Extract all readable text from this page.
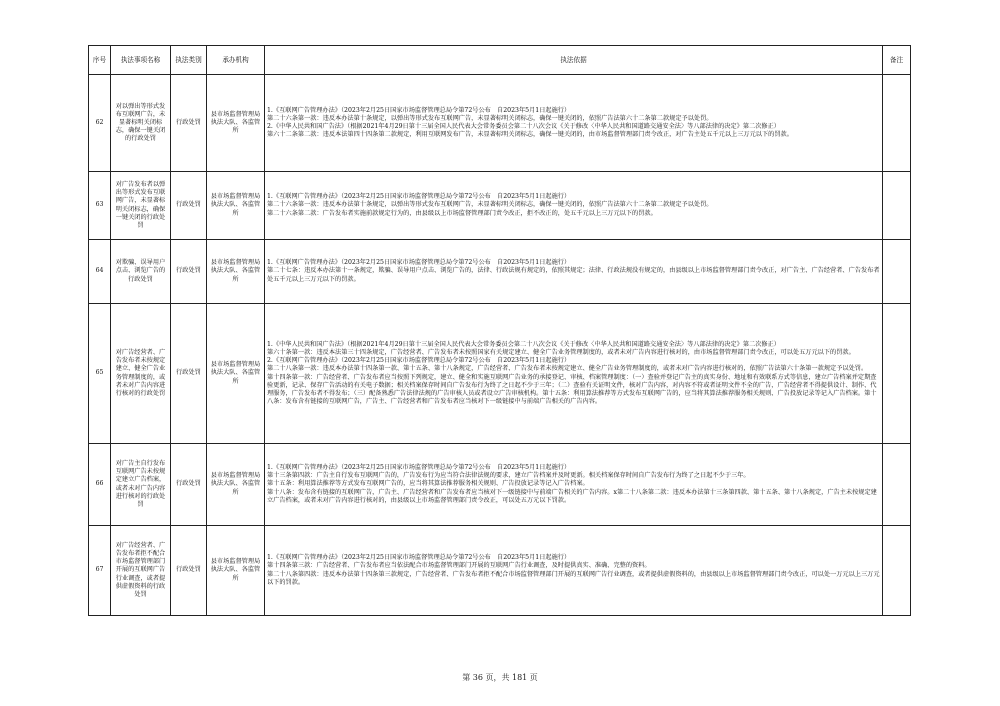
序号	执法事项名称	执法类别	承办机构	执法依据	备注
62	对以弹出等形式发布互联网广告，未显著标明关闭标志，确保一键关闭的行政处罚	行政处罚	县市场监督管理局执法大队、各监管所	1.《互联网广告管理办法》（2023年2月25日国家市场监督管理总局令第72号公布　自2023年5月1日起施行）

第二十六条第一款：违反本办法第十条规定，以弹出等形式发布互联网广告，未显著标明关闭标志，确保一键关闭的，依照广告法第六十二条第二款规定予以处罚。

2.《中华人民共和国广告法》（根据2021年4月29日第十三届全国人民代表大会常务委员会第二十八次会议《关于修改〈中华人民共和国道路交通安全法〉等八部法律的决定》第二次修正）

第六十二条第二款：违反本法第四十四条第二款规定，利用互联网发布广告，未显著标明关闭标志，确保一键关闭的，由市场监督管理部门责令改正，对广告主处五千元以上三万元以下的罚款。	

63	对广告发布者以弹出等形式发布互联网广告，未显著标明关闭标志，确保一键关闭的行政处罚	行政处罚	县市场监督管理局执法大队、各监管所	1.《互联网广告管理办法》（2023年2月25日国家市场监督管理总局令第72号公布　自2023年5月1日起施行）

第二十六条第一款：违反本办法第十条规定，以弹出等形式发布互联网广告，未显著标明关闭标志，确保一键关闭的，依照广告法第六十二条第二款规定予以处罚。

第二十六条第二款：广告发布者实施前款规定行为的，由县级以上市场监督管理部门责令改正，拒不改正的，处五千元以上三万元以下的罚款。	

64	对欺骗、误导用户点击、浏览广告的行政处罚	行政处罚	县市场监督管理局执法大队、各监管所	1.《互联网广告管理办法》（2023年2月25日国家市场监督管理总局令第72号公布　自2023年5月1日起施行）

第二十七条：违反本办法第十一条规定，欺骗、误导用户点击、浏览广告的，法律、行政法规有规定的，依照其规定；法律、行政法规没有规定的，由县级以上市场监督管理部门责令改正，对广告主、广告经营者、广告发布者处五千元以上三万元以下的罚款。	

65	对广告经营者、广告发布者未按规定建立、健全广告业务管理制度的，或者未对广告内容进行核对的行政处罚	行政处罚	县市场监督管理局执法大队、各监管所	1.《中华人民共和国广告法》（根据2021年4月29日第十三届全国人民代表大会常务委员会第二十八次会议《关于修改〈中华人民共和国道路交通安全法〉等八部法律的决定》第二次修正）

第六十条第一款：违反本法第三十四条规定，广告经营者、广告发布者未按照国家有关规定建立、健全广告业务管理制度的，或者未对广告内容进行核对的，由市场监督管理部门责令改正，可以处五万元以下的罚款。

2.《互联网广告管理办法》（2023年2月25日国家市场监督管理总局令第72号公布　自2023年5月1日起施行）

第二十八条第一款：违反本办法第十四条第一款、第十五条、第十八条规定，广告经营者、广告发布者未按规定建立、健全广告业务管理制度的，或者未对广告内容进行核对的，依照广告法第六十条第一款规定予以处罚。

第十四条第一款：广告经营者、广告发布者应当按照下列规定，建立、健全和实施互联网广告业务的承接登记、审核、档案管理制度：（一）查验并登记广告主的真实身份、地址和有效联系方式等信息，建立广告档案并定期查验更新，记录、保存广告活动的有关电子数据；相关档案保存时间自广告发布行为终了之日起不少于三年；（二）查验有关证明文件，核对广告内容，对内容不符或者证明文件不全的广告，广告经营者不得提供设计、制作、代理服务，广告发布者不得发布；（三）配备熟悉广告法律法规的广告审核人员或者设立广告审核机构。第十五条：利用算法推荐等方式发布互联网广告的，应当将其算法推荐服务相关规则、广告投放记录等记入广告档案。第十八条：发布含有链接的互联网广告，广告主、广告经营者和广告发布者应当核对下一级链接中与前端广告相关的广告内容。	

66	对广告主自行发布互联网广告未按规定建立广告档案，或者未对广告内容进行核对的行政处罚	行政处罚	县市场监督管理局执法大队、各监管所	1.《互联网广告管理办法》（2023年2月25日国家市场监督管理总局令第72号公布　自2023年5月1日起施行）

第十三条第四款：广告主自行发布互联网广告的，广告发布行为应当符合法律法规的要求，建立广告档案并及时更新。相关档案保存时间自广告发布行为终了之日起不少于三年。

第十五条：利用算法推荐等方式发布互联网广告的，应当将其算法推荐服务相关规则、广告投放记录等记入广告档案。

第十八条：发布含有链接的互联网广告，广告主、广告经营者和广告发布者应当核对下一级链接中与前端广告相关的广告内容。x第二十八条第二款：违反本办法第十三条第四款、第十五条、第十八条规定，广告主未按规定建立广告档案，或者未对广告内容进行核对的，由县级以上市场监督管理部门责令改正，可以处五万元以下罚款。	

67	对广告经营者、广告发布者拒不配合市场监督管理部门开展的互联网广告行业调查，或者提供虚假资料的行政处罚	行政处罚	县市场监督管理局执法大队、各监管所	1.《互联网广告管理办法》（2023年2月25日国家市场监督管理总局令第72号公布　自2023年5月1日起施行）

第十四条第三款：广告经营者、广告发布者应当依法配合市场监督管理部门开展的互联网广告行业调查，及时提供真实、准确、完整的资料。

第二十八条第四款：违反本办法第十四条第三款规定，广告经营者、广告发布者拒不配合市场监督管理部门开展的互联网广告行业调查，或者提供虚假资料的，由县级以上市场监督管理部门责令改正，可以处一万元以上三万元以下的罚款。	

第 36 页，共 181 页
